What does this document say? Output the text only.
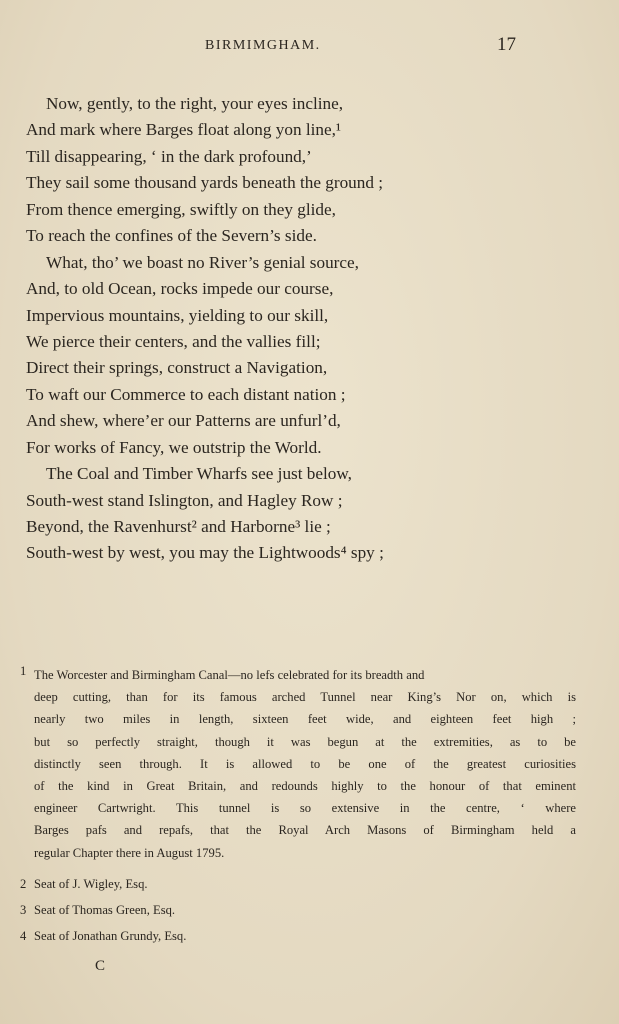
BIRMIMGHAM.	17
Now, gently, to the right, your eyes incline,
And mark where Barges float along yon line,¹
Till disappearing, ‘ in the dark profound,’
They sail some thousand yards beneath the ground ;
From thence emerging, swiftly on they glide,
To reach the confines of the Severn’s side.
What, tho’ we boast no River’s genial source,
And, to old Ocean, rocks impede our course,
Impervious mountains, yielding to our skill,
We pierce their centers, and the vallies fill;
Direct their springs, construct a Navigation,
To waft our Commerce to each distant nation ;
And shew, where’er our Patterns are unfurl’d,
For works of Fancy, we outstrip the World.
The Coal and Timber Wharfs see just below,
South-west stand Islington, and Hagley Row ;
Beyond, the Ravenhurst² and Harborne³ lie ;
South-west by west, you may the Lightwoods⁴ spy ;
1 The Worcester and Birmingham Canal—no lefs celebrated for its breadth and
deep cutting, than for its famous arched Tunnel near King’s Nor on, which is
nearly two miles in length, sixteen feet wide, and eighteen feet high ;
but so perfectly straight, though it was begun at the extremities, as to be
distinctly seen through. It is allowed to be one of the greatest curiosities
of the kind in Great Britain, and redounds highly to the honour of that eminent
engineer Cartwright. This tunnel is so extensive in the centre, ‘ where
Barges pafs and repafs, that the Royal Arch Masons of Birmingham held a
regular Chapter there in August 1795.
2 Seat of J. Wigley, Esq.
3 Seat of Thomas Green, Esq.
4 Seat of Jonathan Grundy, Esq.
C
